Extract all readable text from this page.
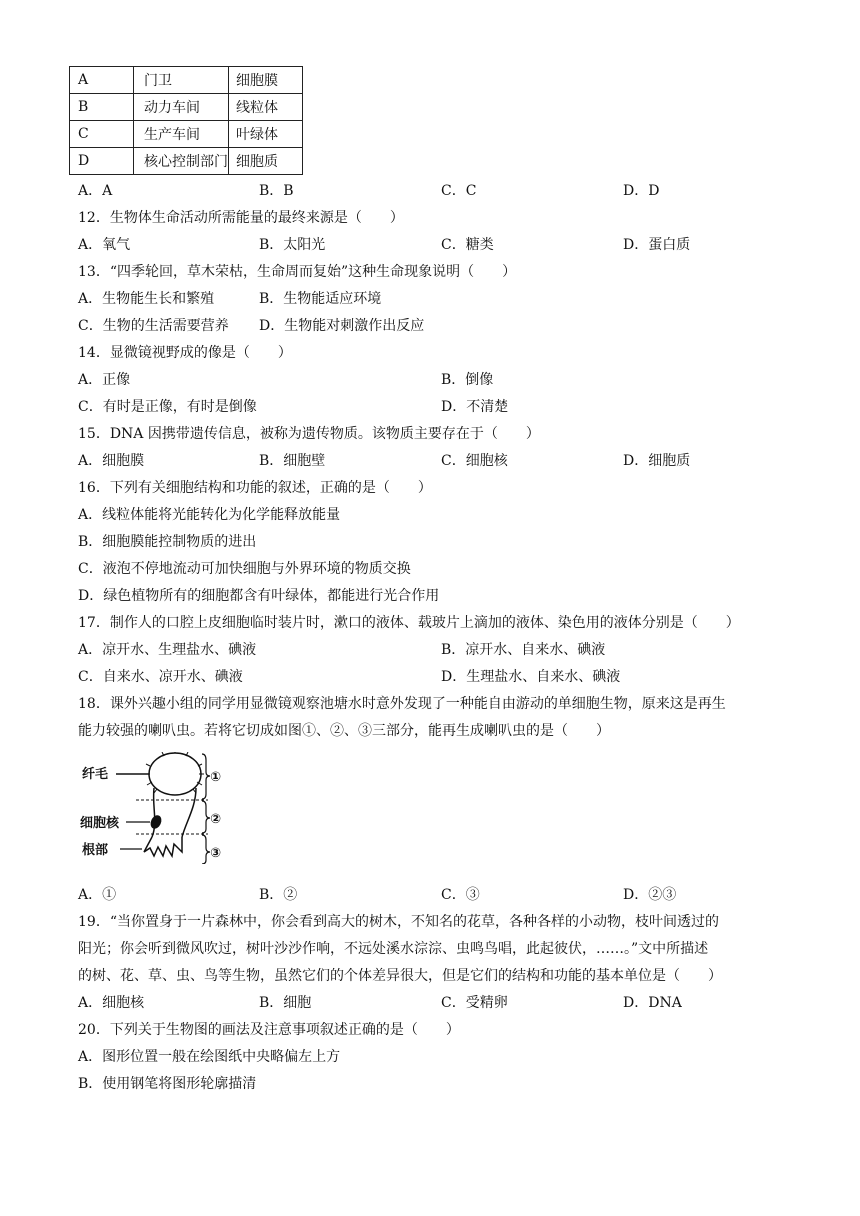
A	门卫	细胞膜
B	动力车间	线粒体
C	生产车间	叶绿体
D	核心控制部门	细胞质
A．A	B．B	C．C	D．D
12．生物体生命活动所需能量的最终来源是（　　）
A．氧气	B．太阳光	C．糖类	D．蛋白质
13．“四季轮回，草木荣枯，生命周而复始”这种生命现象说明（　　）
A．生物能生长和繁殖	B．生物能适应环境
C．生物的生活需要营养 D．生物能对刺激作出反应
14．显微镜视野成的像是（　　）
A．正像	B．倒像
C．有时是正像，有时是倒像	D．不清楚
15．DNA 因携带遗传信息，被称为遗传物质。该物质主要存在于（　　）
A．细胞膜	B．细胞壁	C．细胞核	D．细胞质
16．下列有关细胞结构和功能的叙述，正确的是（　　）
A．线粒体能将光能转化为化学能释放能量
B．细胞膜能控制物质的进出
C．液泡不停地流动可加快细胞与外界环境的物质交换
D．绿色植物所有的细胞都含有叶绿体，都能进行光合作用
17．制作人的口腔上皮细胞临时装片时，漱口的液体、载玻片上滴加的液体、染色用的液体分别是（　　）
A．凉开水、生理盐水、碘液	B．凉开水、自来水、碘液
C．自来水、凉开水、碘液	D．生理盐水、自来水、碘液
18．课外兴趣小组的同学用显微镜观察池塘水时意外发现了一种能自由游动的单细胞生物，原来这是再生
能力较强的喇叭虫。若将它切成如图①、②、③三部分，能再生成喇叭虫的是（　　）
纤毛
细胞核
根部
①
②
③
A．①	B．②	C．③	D．②③
19．“当你置身于一片森林中，你会看到高大的树木，不知名的花草，各种各样的小动物，枝叶间透过的
阳光；你会听到微风吹过，树叶沙沙作响，不远处溪水淙淙、虫鸣鸟唱，此起彼伏，……。”文中所描述
的树、花、草、虫、鸟等生物，虽然它们的个体差异很大，但是它们的结构和功能的基本单位是（　　）
A．细胞核	B．细胞	C．受精卵	D．DNA
20．下列关于生物图的画法及注意事项叙述正确的是（　　）
A．图形位置一般在绘图纸中央略偏左上方
B．使用钢笔将图形轮廓描清
